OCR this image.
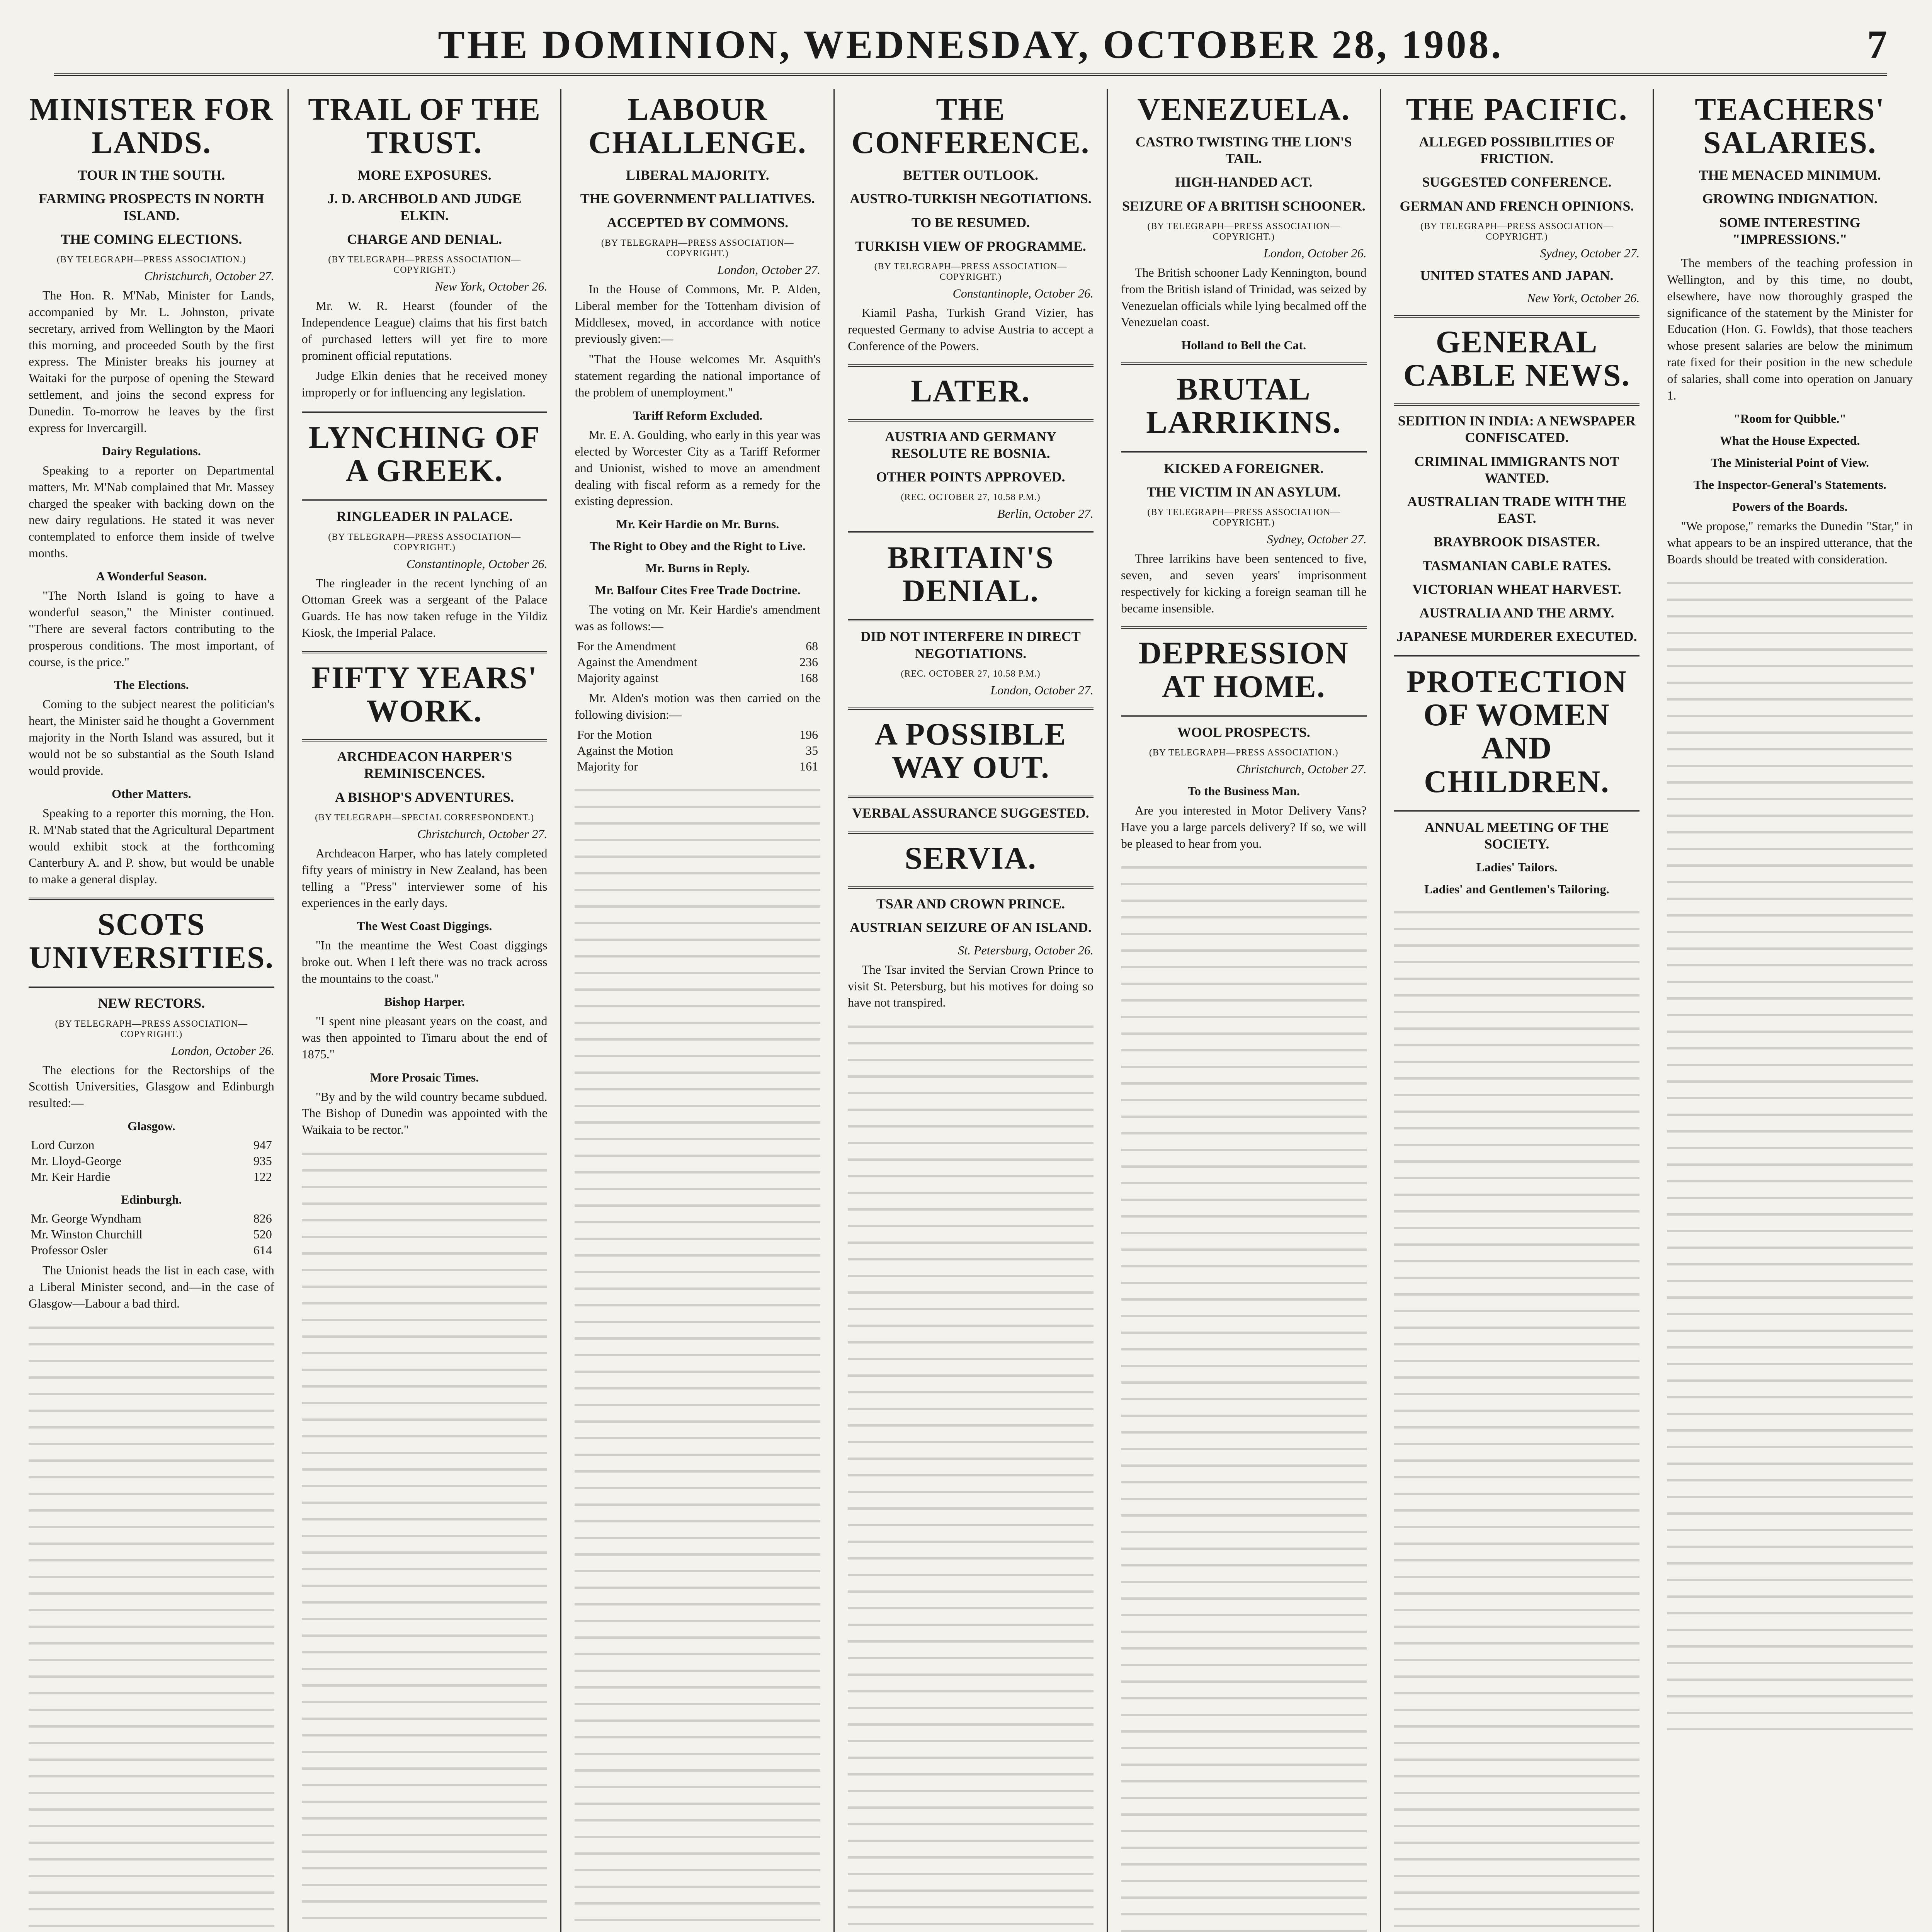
THE DOMINION, WEDNESDAY, OCTOBER 28, 1908.	7
MINISTER FOR LANDS.
TOUR IN THE SOUTH.
FARMING PROSPECTS IN NORTH ISLAND.
THE COMING ELECTIONS.
(BY TELEGRAPH—PRESS ASSOCIATION.)
Christchurch, October 27.

The Hon. R. M'Nab, Minister for Lands, accompanied by Mr. L. Johnston, private secretary, arrived from Wellington by the Maori this morning, and proceeded South by the first express. The Minister breaks his journey at Waitaki for the purpose of opening the Steward settlement, and joins the second express for Dunedin. To-morrow he leaves by the first express for Invercargill.

Dairy Regulations.

Speaking to a reporter on Departmental matters, Mr. M'Nab complained that Mr. Massey charged the speaker with backing down on the new dairy regulations. He stated it was never contemplated to enforce them inside of twelve months.

A Wonderful Season.

"The North Island is going to have a wonderful season," the Minister continued. "There are several factors contributing to the prosperous conditions. The most important, of course, is the price."

The Elections.

Coming to the subject nearest the politician's heart, the Minister said he thought a Government majority in the North Island was assured, but it would not be so substantial as the South Island would provide.

Other Matters.

Speaking to a reporter this morning, the Hon. R. M'Nab stated that the Agricultural Department would exhibit stock at the forthcoming Canterbury A. and P. show, but would be unable to make a general display.

SCOTS UNIVERSITIES.
NEW RECTORS.
(BY TELEGRAPH—PRESS ASSOCIATION—COPYRIGHT.)
London, October 26.

The elections for the Rectorships of the Scottish Universities, Glasgow and Edinburgh resulted:—

Glasgow.
Lord Curzon	947
Mr. Lloyd-George	935
Mr. Keir Hardie	122
Edinburgh.
Mr. George Wyndham	826
Mr. Winston Churchill	520
Professor Osler	614

The Unionist heads the list in each case, with a Liberal Minister second, and—in the case of Glasgow—Labour a bad third.

TRAIL OF THE TRUST.
MORE EXPOSURES.
J. D. ARCHBOLD AND JUDGE ELKIN.
CHARGE AND DENIAL.
(BY TELEGRAPH—PRESS ASSOCIATION—COPYRIGHT.)
New York, October 26.

Mr. W. R. Hearst (founder of the Independence League) claims that his first batch of purchased letters will yet fire to more prominent official reputations.

Judge Elkin denies that he received money improperly or for influencing any legislation.

LYNCHING OF A GREEK.
RINGLEADER IN PALACE.
(BY TELEGRAPH—PRESS ASSOCIATION—COPYRIGHT.)
Constantinople, October 26.

The ringleader in the recent lynching of an Ottoman Greek was a sergeant of the Palace Guards. He has now taken refuge in the Yildiz Kiosk, the Imperial Palace.

FIFTY YEARS' WORK.
ARCHDEACON HARPER'S REMINISCENCES.
A BISHOP'S ADVENTURES.
(BY TELEGRAPH—SPECIAL CORRESPONDENT.)
Christchurch, October 27.

Archdeacon Harper, who has lately completed fifty years of ministry in New Zealand, has been telling a "Press" interviewer some of his experiences in the early days.

The West Coast Diggings.

"In the meantime the West Coast diggings broke out. When I left there was no track across the mountains to the coast."

Bishop Harper.

"I spent nine pleasant years on the coast, and was then appointed to Timaru about the end of 1875."

More Prosaic Times.

"By and by the wild country became subdued. The Bishop of Dunedin was appointed with the Waikaia to be rector."

LABOUR CHALLENGE.
LIBERAL MAJORITY.
THE GOVERNMENT PALLIATIVES.
ACCEPTED BY COMMONS.
(BY TELEGRAPH—PRESS ASSOCIATION—COPYRIGHT.)
London, October 27.

In the House of Commons, Mr. P. Alden, Liberal member for the Tottenham division of Middlesex, moved, in accordance with notice previously given:—

"That the House welcomes Mr. Asquith's statement regarding the national importance of the problem of unemployment."

Tariff Reform Excluded.

Mr. E. A. Goulding, who early in this year was elected by Worcester City as a Tariff Reformer and Unionist, wished to move an amendment dealing with fiscal reform as a remedy for the existing depression.

Mr. Keir Hardie on Mr. Burns.
The Right to Obey and the Right to Live.
Mr. Burns in Reply.
Mr. Balfour Cites Free Trade Doctrine.

The voting on Mr. Keir Hardie's amendment was as follows:—

For the Amendment	68
Against the Amendment	236
Majority against	168

Mr. Alden's motion was then carried on the following division:—

For the Motion	196
Against the Motion	35
Majority for	161
THE CONFERENCE.
BETTER OUTLOOK.
AUSTRO-TURKISH NEGOTIATIONS.
TO BE RESUMED.
TURKISH VIEW OF PROGRAMME.
(BY TELEGRAPH—PRESS ASSOCIATION—COPYRIGHT.)
Constantinople, October 26.

Kiamil Pasha, Turkish Grand Vizier, has requested Germany to advise Austria to accept a Conference of the Powers.

LATER.
AUSTRIA AND GERMANY RESOLUTE RE BOSNIA.
OTHER POINTS APPROVED.
(REC. OCTOBER 27, 10.58 P.M.)
Berlin, October 27.
BRITAIN'S DENIAL.
DID NOT INTERFERE IN DIRECT NEGOTIATIONS.
(REC. OCTOBER 27, 10.58 P.M.)
London, October 27.
A POSSIBLE WAY OUT.
VERBAL ASSURANCE SUGGESTED.
SERVIA.
TSAR AND CROWN PRINCE.
AUSTRIAN SEIZURE OF AN ISLAND.
St. Petersburg, October 26.

The Tsar invited the Servian Crown Prince to visit St. Petersburg, but his motives for doing so have not transpired.

VENEZUELA.
CASTRO TWISTING THE LION'S TAIL.
HIGH-HANDED ACT.
SEIZURE OF A BRITISH SCHOONER.
(BY TELEGRAPH—PRESS ASSOCIATION—COPYRIGHT.)
London, October 26.

The British schooner Lady Kennington, bound from the British island of Trinidad, was seized by Venezuelan officials while lying becalmed off the Venezuelan coast.

Holland to Bell the Cat.
BRUTAL LARRIKINS.
KICKED A FOREIGNER.
THE VICTIM IN AN ASYLUM.
(BY TELEGRAPH—PRESS ASSOCIATION—COPYRIGHT.)
Sydney, October 27.

Three larrikins have been sentenced to five, seven, and seven years' imprisonment respectively for kicking a foreign seaman till he became insensible.

DEPRESSION AT HOME.
WOOL PROSPECTS.
(BY TELEGRAPH—PRESS ASSOCIATION.)
Christchurch, October 27.
To the Business Man.

Are you interested in Motor Delivery Vans? Have you a large parcels delivery? If so, we will be pleased to hear from you.

THE PACIFIC.
ALLEGED POSSIBILITIES OF FRICTION.
SUGGESTED CONFERENCE.
GERMAN AND FRENCH OPINIONS.
(BY TELEGRAPH—PRESS ASSOCIATION—COPYRIGHT.)
Sydney, October 27.
UNITED STATES AND JAPAN.
New York, October 26.
GENERAL CABLE NEWS.
SEDITION IN INDIA: A NEWSPAPER CONFISCATED.
CRIMINAL IMMIGRANTS NOT WANTED.
AUSTRALIAN TRADE WITH THE EAST.
BRAYBROOK DISASTER.
TASMANIAN CABLE RATES.
VICTORIAN WHEAT HARVEST.
AUSTRALIA AND THE ARMY.
JAPANESE MURDERER EXECUTED.
PROTECTION OF WOMEN AND CHILDREN.
ANNUAL MEETING OF THE SOCIETY.
Ladies' Tailors.
Ladies' and Gentlemen's Tailoring.
TEACHERS' SALARIES.
THE MENACED MINIMUM.
GROWING INDIGNATION.
SOME INTERESTING "IMPRESSIONS."

The members of the teaching profession in Wellington, and by this time, no doubt, elsewhere, have now thoroughly grasped the significance of the statement by the Minister for Education (Hon. G. Fowlds), that those teachers whose present salaries are below the minimum rate fixed for their position in the new schedule of salaries, shall come into operation on January 1.

"Room for Quibble."
What the House Expected.
The Ministerial Point of View.
The Inspector-General's Statements.
Powers of the Boards.

"We propose," remarks the Dunedin "Star," in what appears to be an inspired utterance, that the Boards should be treated with consideration.
